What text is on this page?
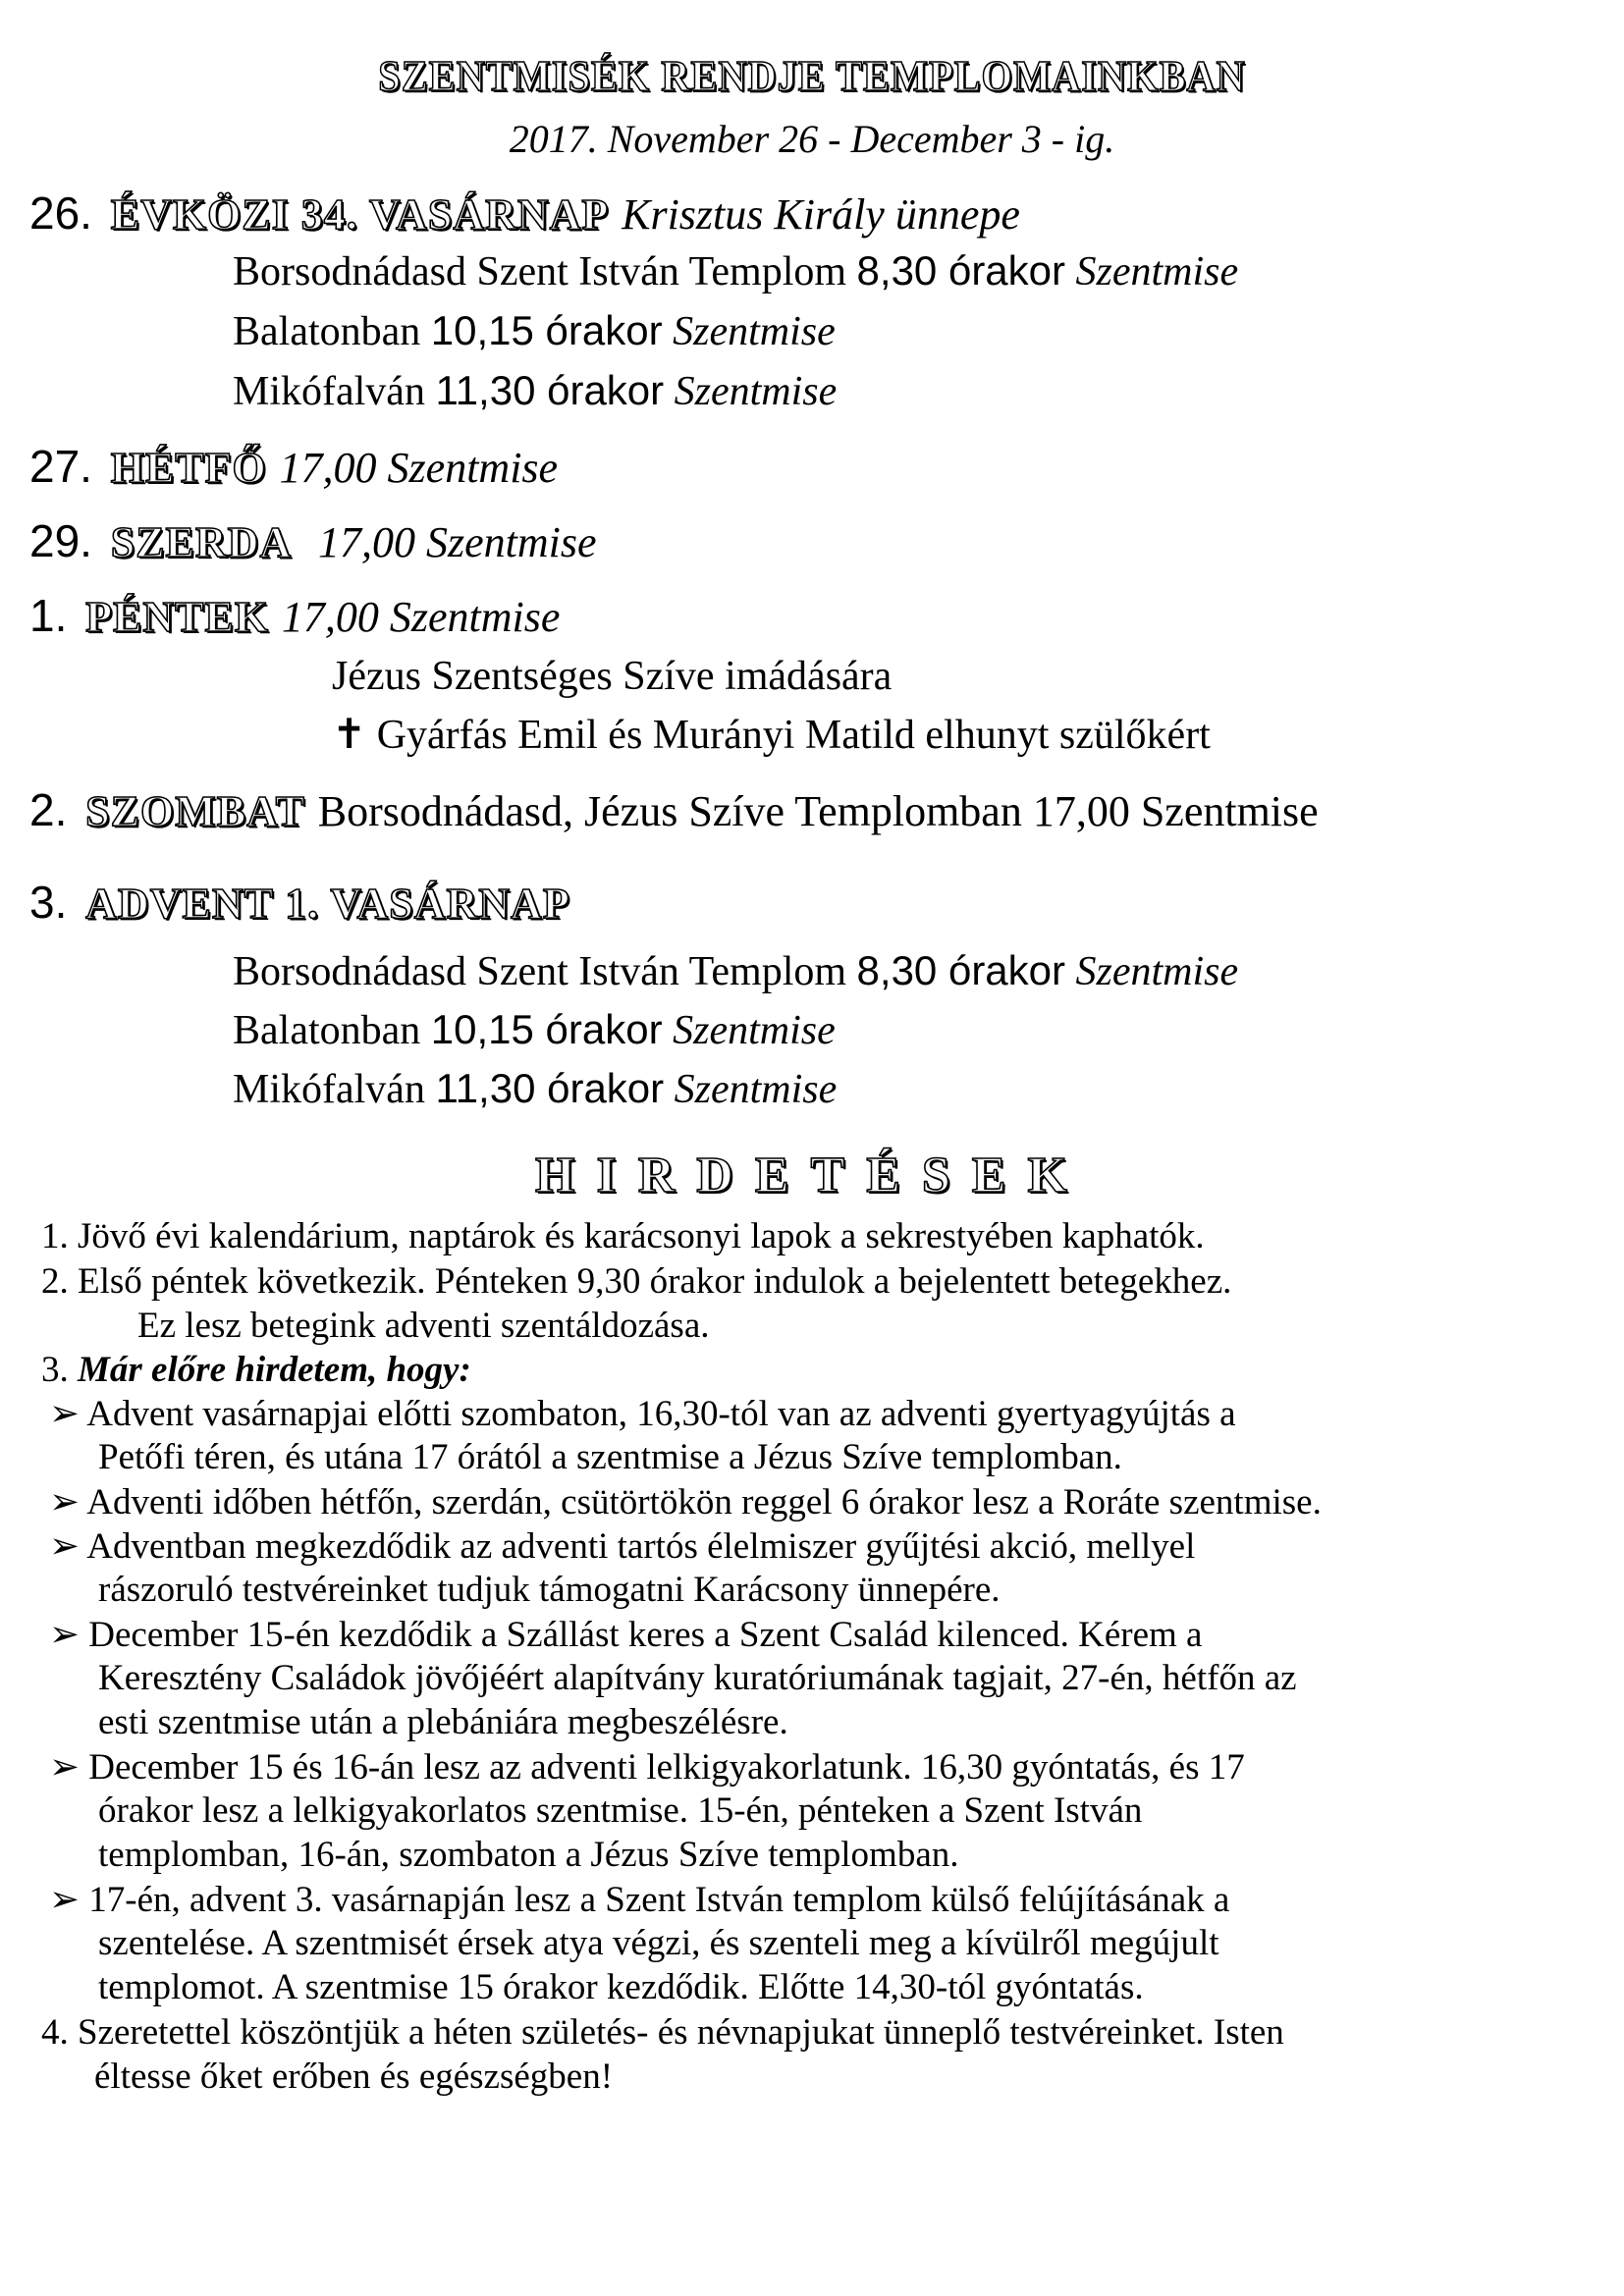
SZENTMISÉK RENDJE TEMPLOMAINKBAN
2017. November 26 - December 3 - ig.
26. ÉVKÖZI 34. VASÁRNAP Krisztus Király ünnepe
Borsodnádasd Szent István Templom 8,30 órakor Szentmise
Balatonban 10,15 órakor Szentmise
Mikófalván 11,30 órakor Szentmise
27. HÉTFŐ 17,00 Szentmise
29. SZERDA 17,00 Szentmise
1. PÉNTEK 17,00 Szentmise
Jézus Szentséges Szíve imádására
✝ Gyárfás Emil és Murányi Matild elhunyt szülőkért
2. SZOMBAT Borsodnádasd, Jézus Szíve Templomban 17,00 Szentmise
3. ADVENT 1. VASÁRNAP
Borsodnádasd Szent István Templom 8,30 órakor Szentmise
Balatonban 10,15 órakor Szentmise
Mikófalván 11,30 órakor Szentmise
HIRDETÉSEK
1. Jövő évi kalendárium, naptárok és karácsonyi lapok a sekrestyében kaphatók.
2. Első péntek következik. Pénteken 9,30 órakor indulok a bejelentett betegekhez.
Ez lesz betegink adventi szentáldozása.
3. Már előre hirdetem, hogy:
➢ Advent vasárnapjai előtti szombaton, 16,30-tól van az adventi gyertyagyújtás a
Petőfi téren, és utána 17 órától a szentmise a Jézus Szíve templomban.
➢ Adventi időben hétfőn, szerdán, csütörtökön reggel 6 órakor lesz a Roráte szentmise.
➢ Adventban megkezdődik az adventi tartós élelmiszer gyűjtési akció, mellyel
rászoruló testvéreinket tudjuk támogatni Karácsony ünnepére.
➢ December 15-én kezdődik a Szállást keres a Szent Család kilenced. Kérem a
Keresztény Családok jövőjéért alapítvány kuratóriumának tagjait, 27-én, hétfőn az
esti szentmise után a plebániára megbeszélésre.
➢ December 15 és 16-án lesz az adventi lelkigyakorlatunk. 16,30 gyóntatás, és 17
órakor lesz a lelkigyakorlatos szentmise. 15-én, pénteken a Szent István
templomban, 16-án, szombaton a Jézus Szíve templomban.
➢ 17-én, advent 3. vasárnapján lesz a Szent István templom külső felújításának a
szentelése. A szentmisét érsek atya végzi, és szenteli meg a kívülről megújult
templomot. A szentmise 15 órakor kezdődik. Előtte 14,30-tól gyóntatás.
4. Szeretettel köszöntjük a héten születés- és névnapjukat ünneplő testvéreinket. Isten
éltesse őket erőben és egészségben!
